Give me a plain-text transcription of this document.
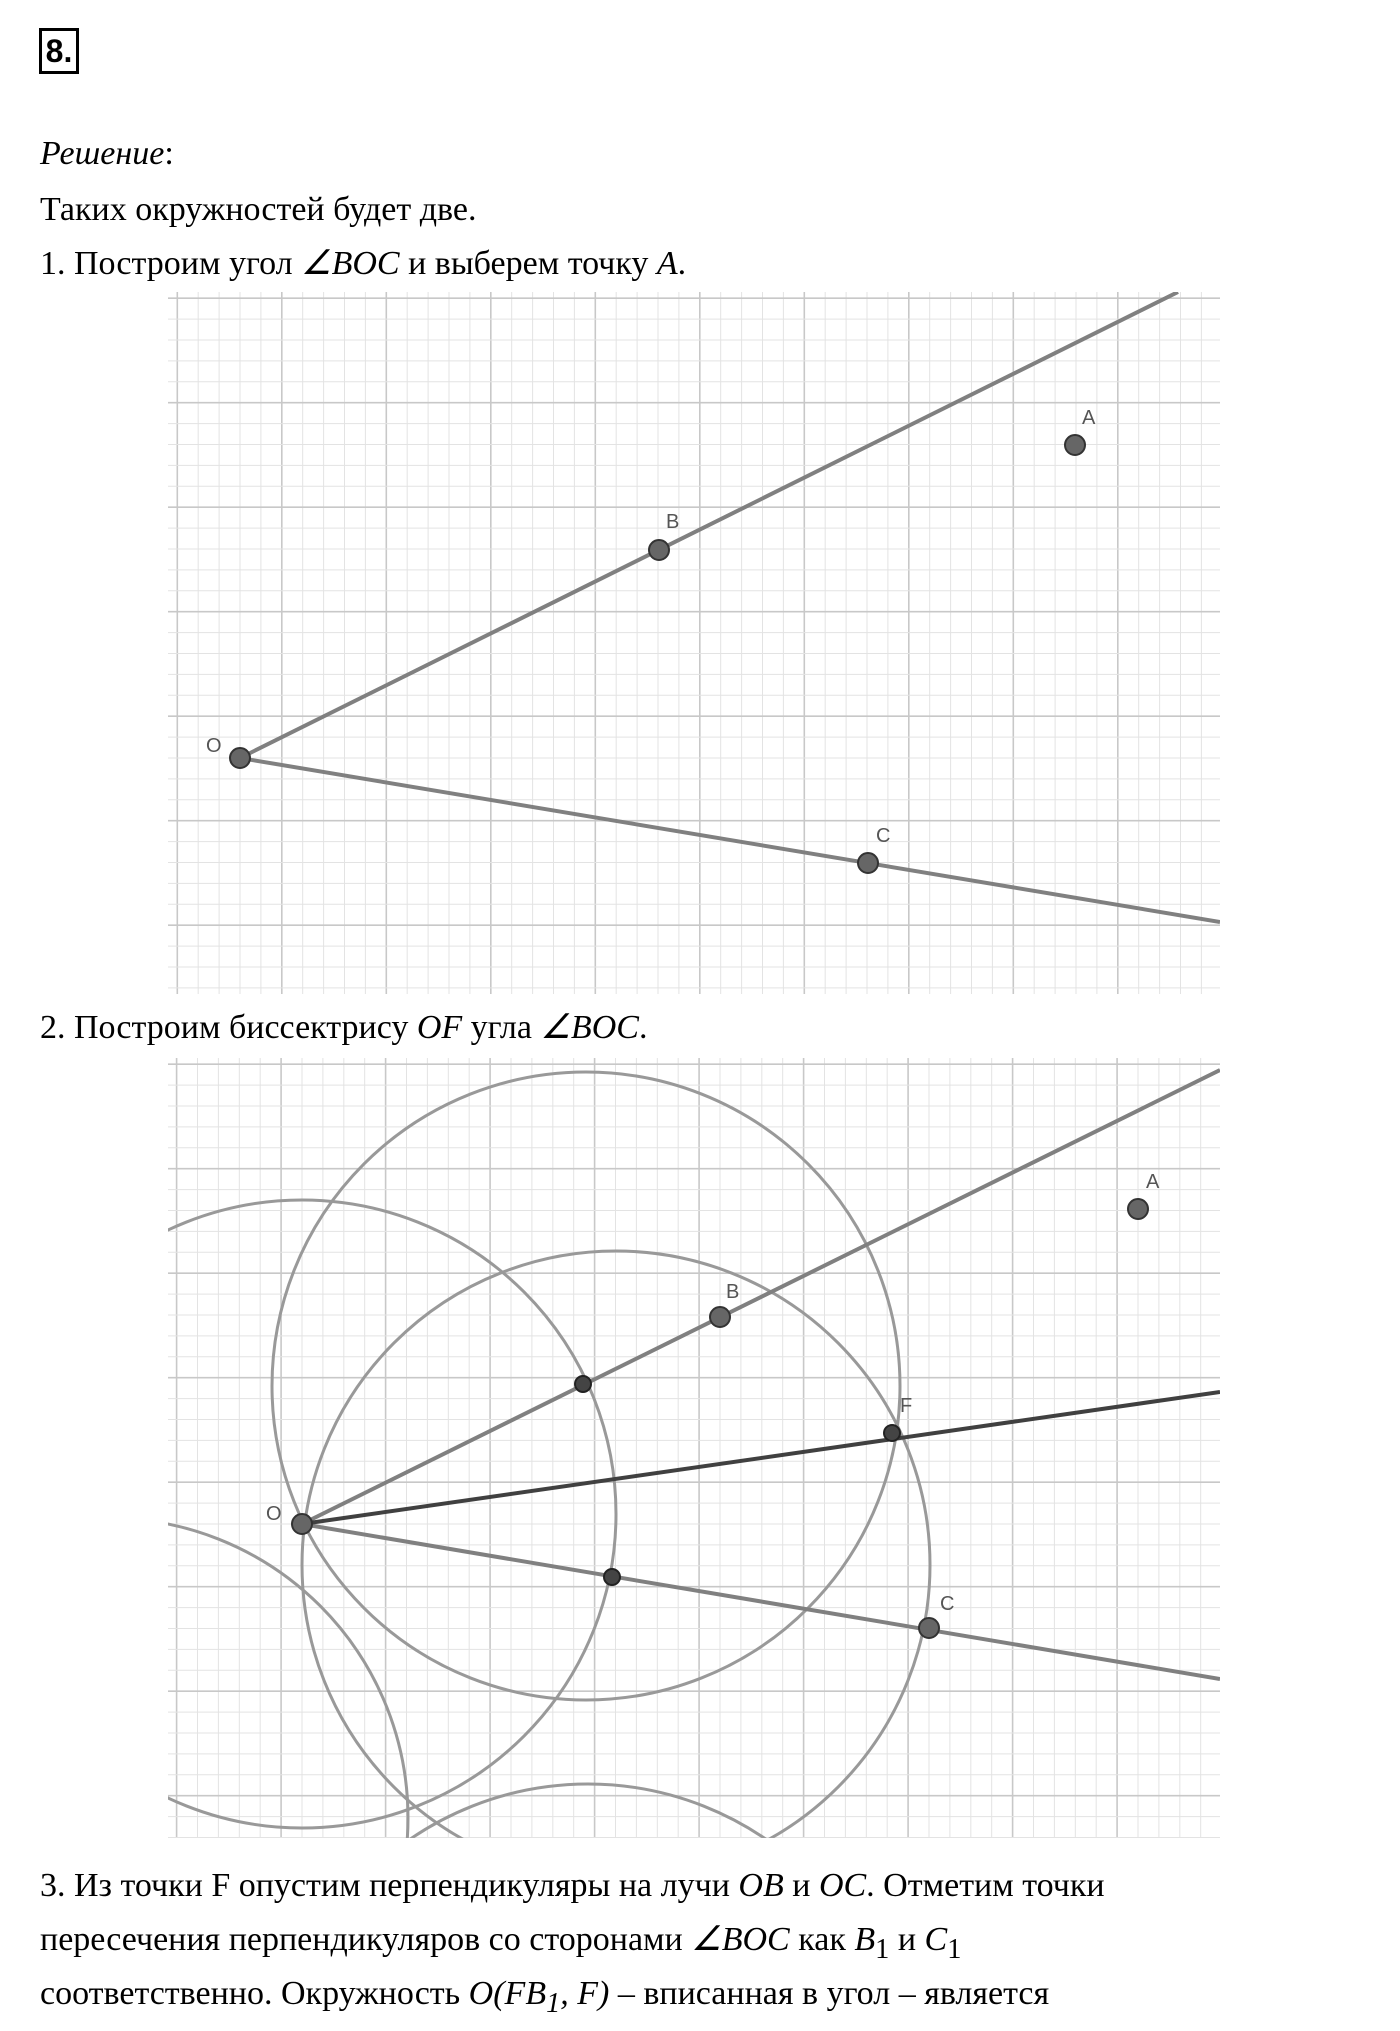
8.
Решение:
Таких окружностей будет две.
1. Построим угол ∠BOC и выберем точку A.
O
B
C
A
2. Построим биссектрису OF угла ∠BOC.
O
B
C
A
F
3. Из точки F опустим перпендикуляры на лучи OB и OC. Отметим точки
пересечения перпендикуляров со сторонами ∠BOC как $B_1$ и $C_1$
соответственно. Окружность $O(FB_1$, F) – вписанная в угол – является
